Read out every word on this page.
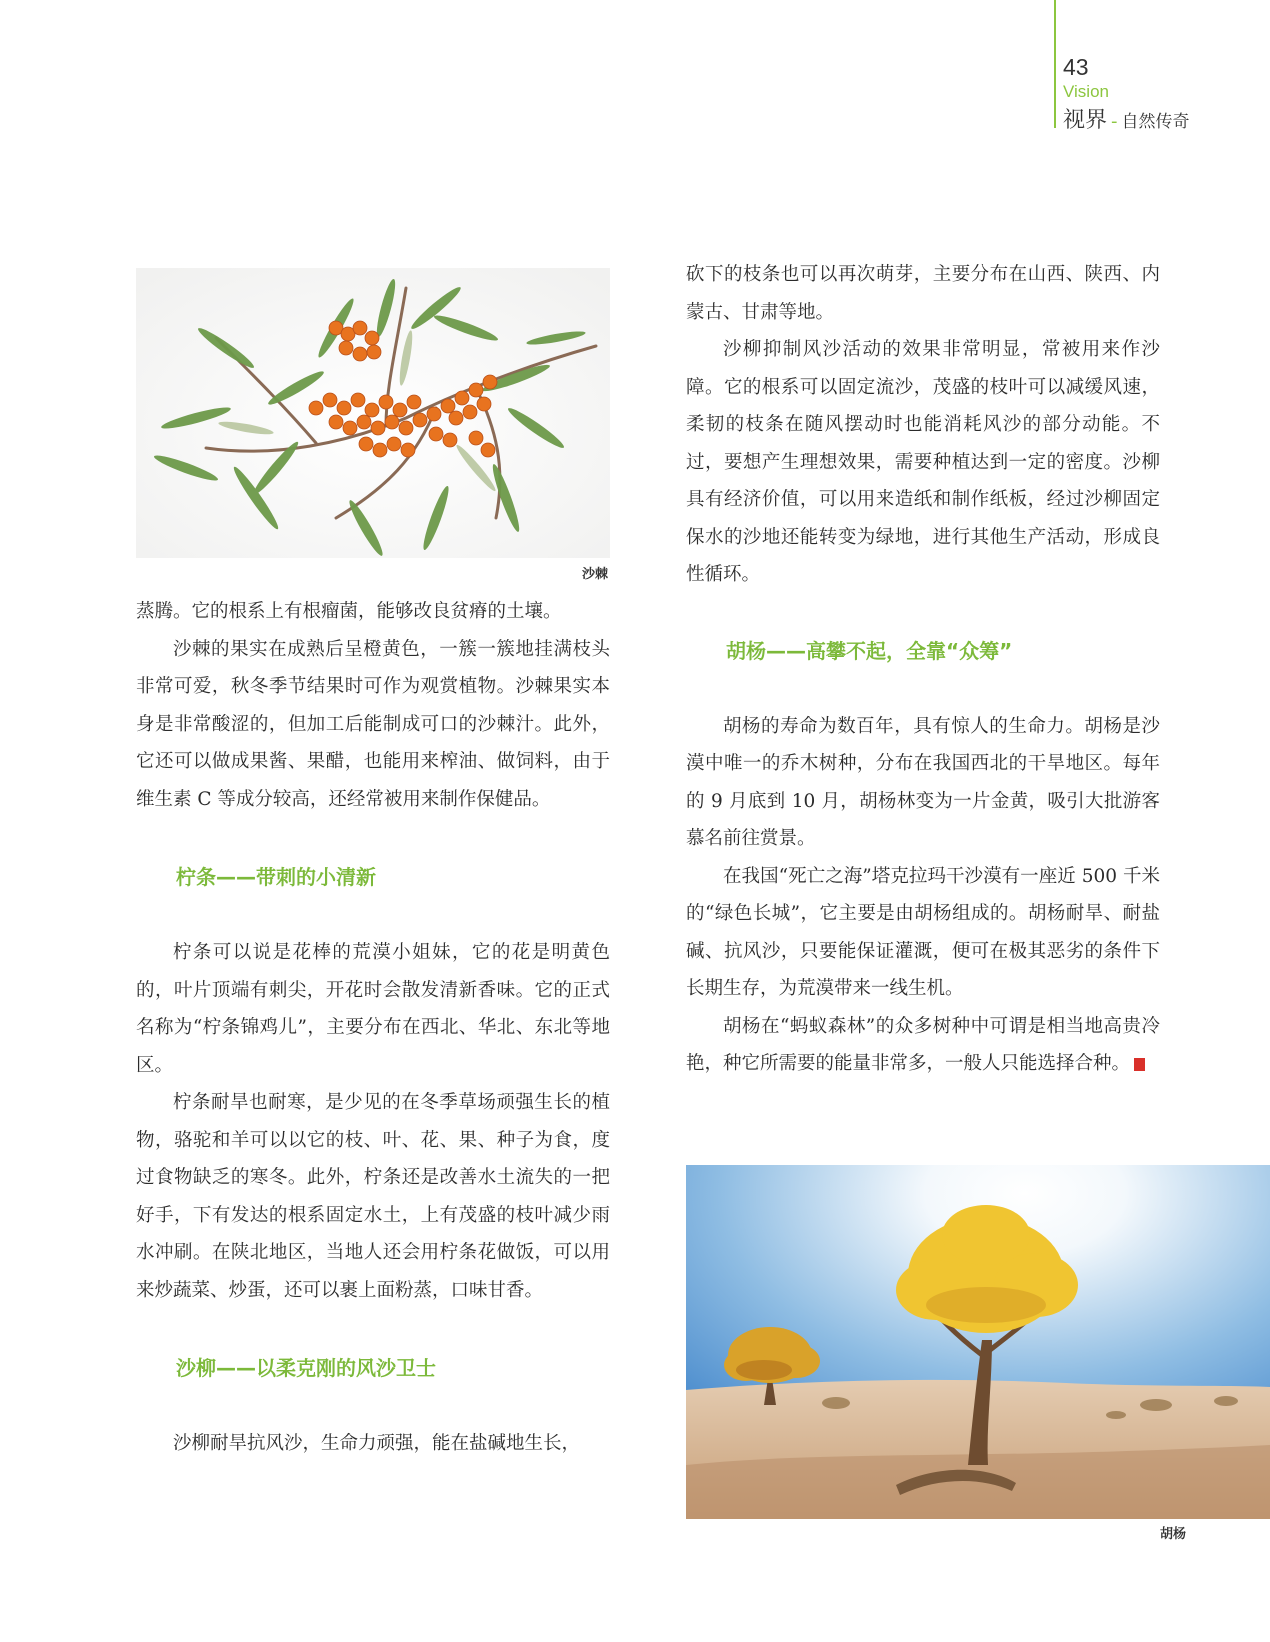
43
Vision
视界 - 自然传奇
沙棘

蒸腾。它的根系上有根瘤菌，能够改良贫瘠的土壤。

沙棘的果实在成熟后呈橙黄色，一簇一簇地挂满枝头非常可爱，秋冬季节结果时可作为观赏植物。沙棘果实本身是非常酸涩的，但加工后能制成可口的沙棘汁。此外，它还可以做成果酱、果醋，也能用来榨油、做饲料，由于维生素 C 等成分较高，还经常被用来制作保健品。

柠条——带刺的小清新

柠条可以说是花棒的荒漠小姐妹，它的花是明黄色的，叶片顶端有刺尖，开花时会散发清新香味。它的正式名称为“柠条锦鸡儿”，主要分布在西北、华北、东北等地区。

柠条耐旱也耐寒，是少见的在冬季草场顽强生长的植物，骆驼和羊可以以它的枝、叶、花、果、种子为食，度过食物缺乏的寒冬。此外，柠条还是改善水土流失的一把好手，下有发达的根系固定水土，上有茂盛的枝叶减少雨水冲刷。在陕北地区，当地人还会用柠条花做饭，可以用来炒蔬菜、炒蛋，还可以裹上面粉蒸，口味甘香。

沙柳——以柔克刚的风沙卫士

沙柳耐旱抗风沙，生命力顽强，能在盐碱地生长，

砍下的枝条也可以再次萌芽，主要分布在山西、陕西、内蒙古、甘肃等地。

沙柳抑制风沙活动的效果非常明显，常被用来作沙障。它的根系可以固定流沙，茂盛的枝叶可以减缓风速，柔韧的枝条在随风摆动时也能消耗风沙的部分动能。不过，要想产生理想效果，需要种植达到一定的密度。沙柳具有经济价值，可以用来造纸和制作纸板，经过沙柳固定保水的沙地还能转变为绿地，进行其他生产活动，形成良性循环。

胡杨——高攀不起，全靠“众筹”

胡杨的寿命为数百年，具有惊人的生命力。胡杨是沙漠中唯一的乔木树种，分布在我国西北的干旱地区。每年的 9 月底到 10 月，胡杨林变为一片金黄，吸引大批游客慕名前往赏景。

在我国“死亡之海”塔克拉玛干沙漠有一座近 500 千米的“绿色长城”，它主要是由胡杨组成的。胡杨耐旱、耐盐碱、抗风沙，只要能保证灌溉，便可在极其恶劣的条件下长期生存，为荒漠带来一线生机。

胡杨在“蚂蚁森林”的众多树种中可谓是相当地高贵冷艳，种它所需要的能量非常多，一般人只能选择合种。	S

胡杨
